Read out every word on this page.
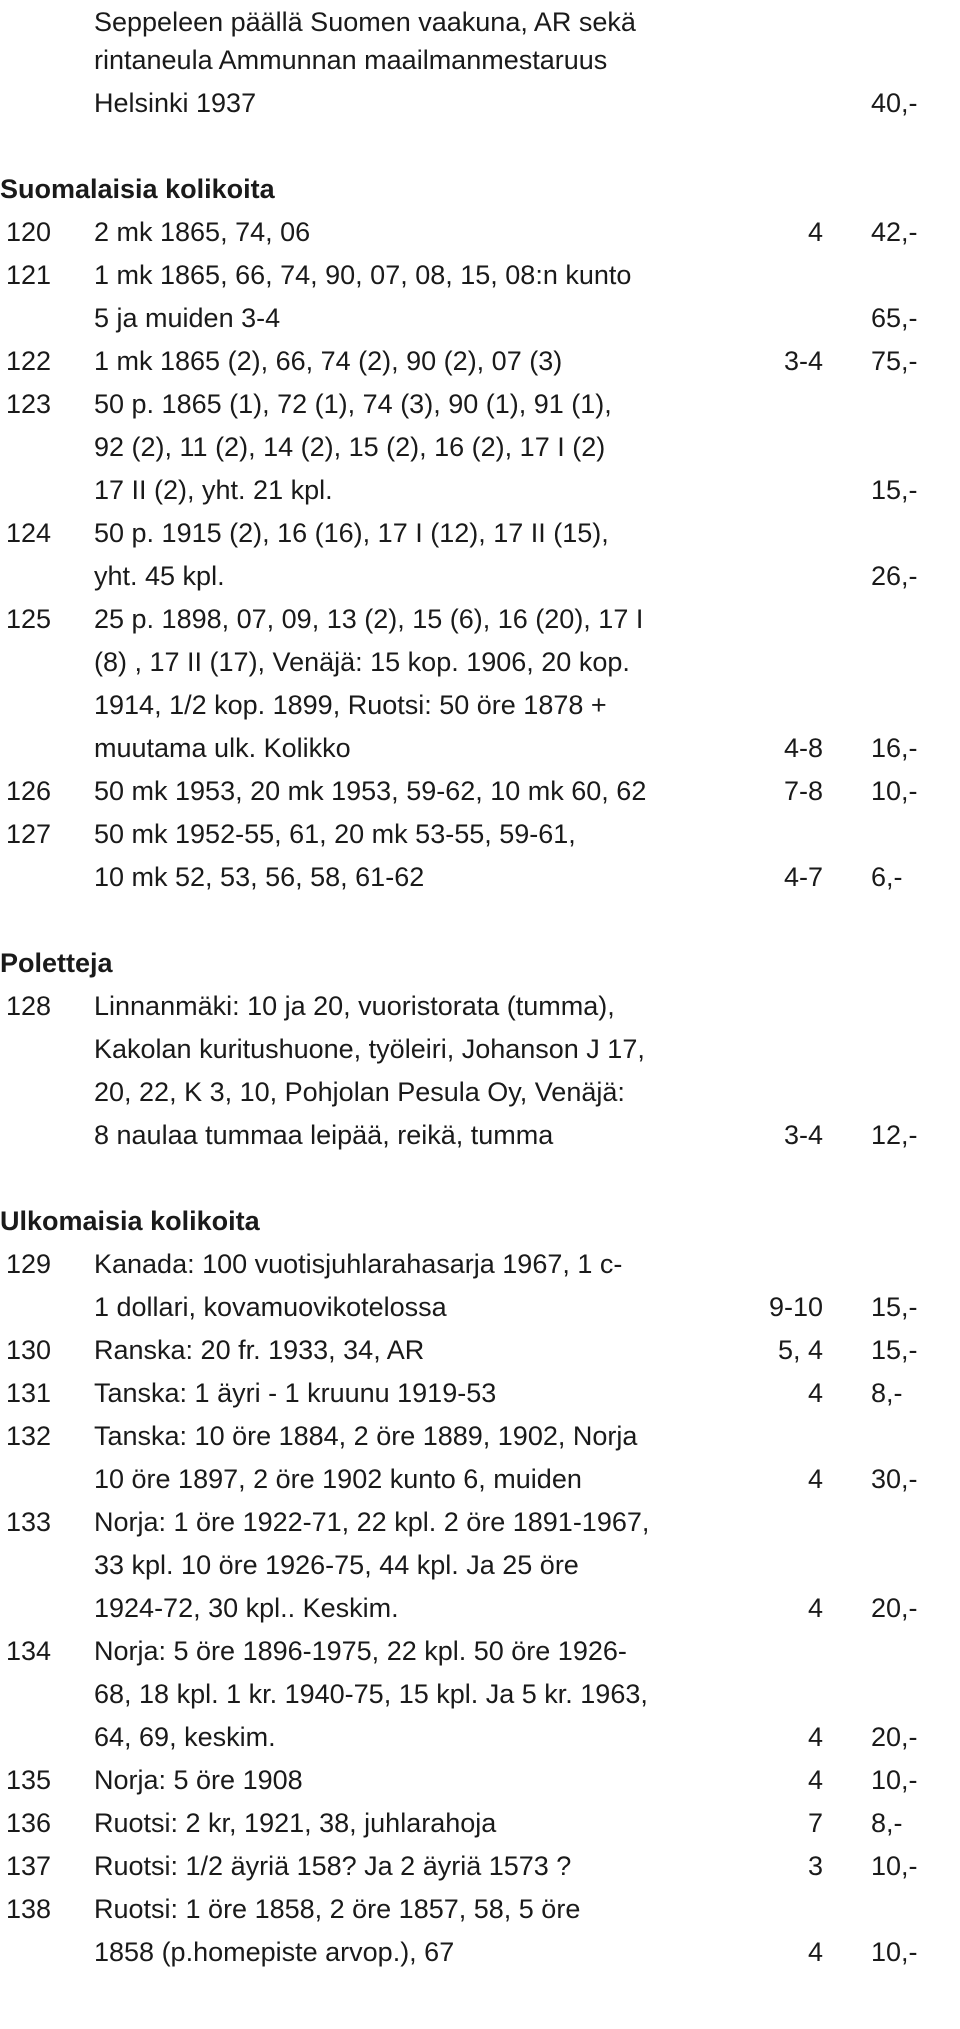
Seppeleen päällä Suomen vaakuna, AR sekä
rintaneula Ammunnan maailmanmestaruus
Helsinki 1937	40,-
Suomalaisia kolikoita
120 2 mk 1865, 74, 06	4 42,-
121 1 mk 1865, 66, 74, 90, 07, 08, 15, 08:n kunto
5 ja muiden 3-4	65,-
122 1 mk 1865 (2), 66, 74 (2), 90 (2), 07 (3)	3-4 75,-
123 50 p. 1865 (1), 72 (1), 74 (3), 90 (1), 91 (1),
92 (2), 11 (2), 14 (2), 15 (2), 16 (2), 17 I (2)
17 II (2), yht. 21 kpl.	15,-
124 50 p. 1915 (2), 16 (16), 17 I (12), 17 II (15),
yht. 45 kpl.	26,-
125 25 p. 1898, 07, 09, 13 (2), 15 (6), 16 (20), 17 I
(8) , 17 II (17), Venäjä: 15 kop. 1906, 20 kop.
1914, 1/2 kop. 1899, Ruotsi: 50 öre 1878 +
muutama ulk. Kolikko	4-8 16,-
126 50 mk 1953, 20 mk 1953, 59-62, 10 mk 60, 62	7-8 10,-
127 50 mk 1952-55, 61, 20 mk 53-55, 59-61,
10 mk 52, 53, 56, 58, 61-62	4-7 6,-
Poletteja
128 Linnanmäki: 10 ja 20, vuoristorata (tumma),
Kakolan kuritushuone, työleiri, Johanson J 17,
20, 22, K 3, 10, Pohjolan Pesula Oy, Venäjä:
8 naulaa tummaa leipää, reikä, tumma	3-4 12,-
Ulkomaisia kolikoita
129 Kanada: 100 vuotisjuhlarahasarja 1967, 1 c-
1 dollari, kovamuovikotelossa	9-10 15,-
130 Ranska: 20 fr. 1933, 34, AR	5, 4 15,-
131 Tanska: 1 äyri - 1 kruunu 1919-53	4 8,-
132 Tanska: 10 öre 1884, 2 öre 1889, 1902, Norja
10 öre 1897, 2 öre 1902 kunto 6, muiden	4 30,-
133 Norja: 1 öre 1922-71, 22 kpl. 2 öre 1891-1967,
33 kpl. 10 öre 1926-75, 44 kpl. Ja 25 öre
1924-72, 30 kpl.. Keskim.	4 20,-
134 Norja: 5 öre 1896-1975, 22 kpl. 50 öre 1926-
68, 18 kpl. 1 kr. 1940-75, 15 kpl. Ja 5 kr. 1963,
64, 69, keskim.	4 20,-
135 Norja: 5 öre 1908	4 10,-
136 Ruotsi: 2 kr, 1921, 38, juhlarahoja	7 8,-
137 Ruotsi: 1/2 äyriä 158? Ja 2 äyriä 1573 ?	3 10,-
138 Ruotsi: 1 öre 1858, 2 öre 1857, 58, 5 öre
1858 (p.homepiste arvop.), 67	4 10,-
